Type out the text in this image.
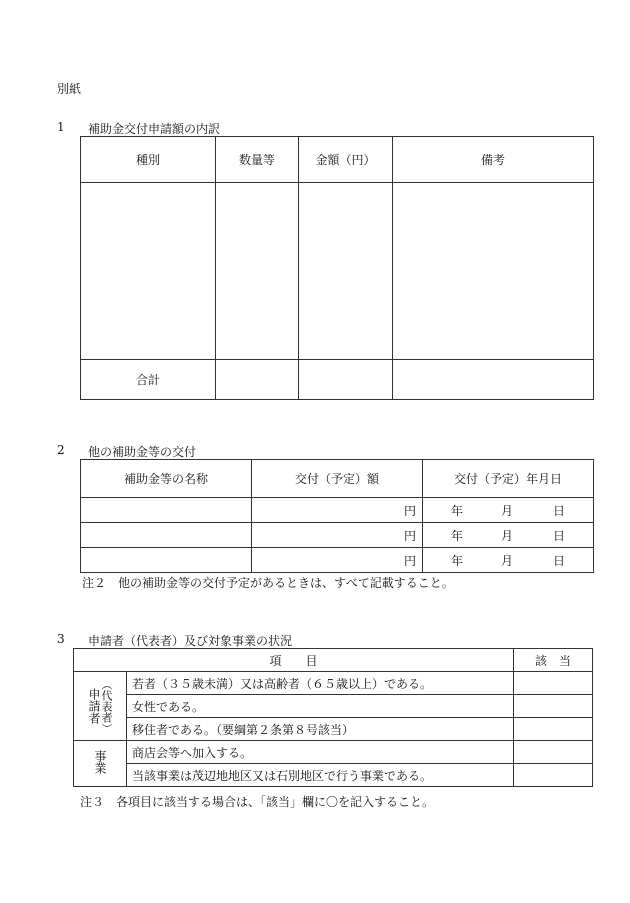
別紙
1 補助金交付申請額の内訳
種別	数量等	金額（円）	備考

合計			
2 他の補助金等の交付
補助金等の名称	交付（予定）額	交付（予定）年月日
	円	年 月 日
	円	年 月 日
	円	年 月 日
注２　他の補助金等の交付予定があるときは、すべて記載すること。
3 申請者（代表者）及び対象事業の状況
項　　目		該　当

申請者 （代表者）	若者（３５歳未満）又は高齢者（６５歳以上）である。	
	女性である。	
	移住者である。（要綱第２条第８号該当）	
事業	商店会等へ加入する。	
	当該事業は茂辺地地区又は石別地区で行う事業である。	
注３　各項目に該当する場合は、「該当」欄に〇を記入すること。
